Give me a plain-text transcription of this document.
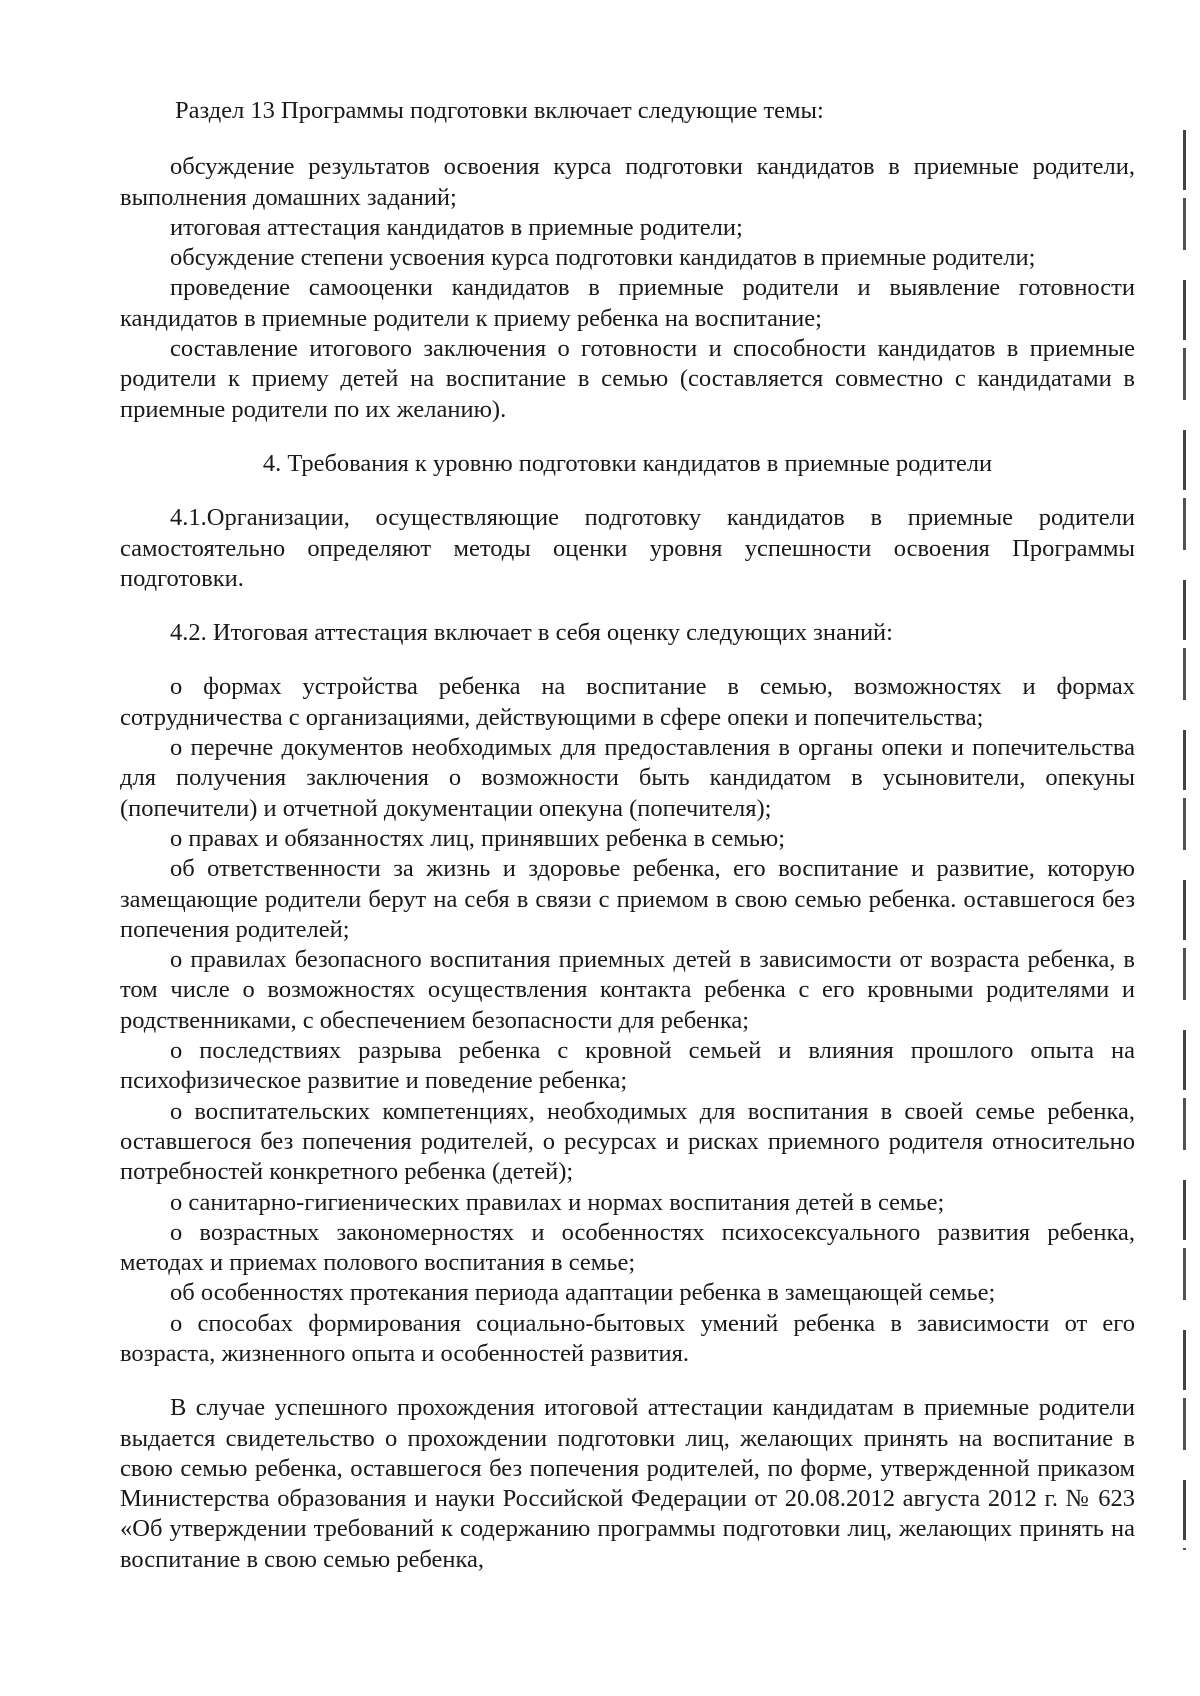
Раздел 13 Программы подготовки включает следующие темы:

обсуждение результатов освоения курса подготовки кандидатов в приемные родители, выполнения домашних заданий;

итоговая аттестация кандидатов в приемные родители;

обсуждение степени усвоения курса подготовки кандидатов в приемные родители;

проведение самооценки кандидатов в приемные родители и выявление готовности кандидатов в приемные родители к приему ребенка на воспитание;

составление итогового заключения о готовности и способности кандидатов в приемные родители к приему детей на воспитание в семью (составляется совместно с кандидатами в приемные родители по их желанию).

4. Требования к уровню подготовки кандидатов в приемные родители

4.1.Организации, осуществляющие подготовку кандидатов в приемные родители самостоятельно определяют методы оценки уровня успешности освоения Программы подготовки.

4.2. Итоговая аттестация включает в себя оценку следующих знаний:

о формах устройства ребенка на воспитание в семью, возможностях и формах сотрудничества с организациями, действующими в сфере опеки и попечительства;

о перечне документов необходимых для предоставления в органы опеки и попечительства для получения заключения о возможности быть кандидатом в усыновители, опекуны (попечители) и отчетной документации опекуна (попечителя);

о правах и обязанностях лиц, принявших ребенка в семью;

об ответственности за жизнь и здоровье ребенка, его воспитание и развитие, которую замещающие родители берут на себя в связи с приемом в свою семью ребенка. оставшегося без попечения родителей;

о правилах безопасного воспитания приемных детей в зависимости от возраста ребенка, в том числе о возможностях осуществления контакта ребенка с его кровными родителями и родственниками, с обеспечением безопасности для ребенка;

о последствиях разрыва ребенка с кровной семьей и влияния прошлого опыта на психофизическое развитие и поведение ребенка;

о воспитательских компетенциях, необходимых для воспитания в своей семье ребенка, оставшегося без попечения родителей, о ресурсах и рисках приемного родителя относительно потребностей конкретного ребенка (детей);

о санитарно-гигиенических правилах и нормах воспитания детей в семье;

о возрастных закономерностях и особенностях психосексуального развития ребенка, методах и приемах полового воспитания в семье;

об особенностях протекания периода адаптации ребенка в замещающей семье;

о способах формирования социально-бытовых умений ребенка в зависимости от его возраста, жизненного опыта и особенностей развития.

В случае успешного прохождения итоговой аттестации кандидатам в приемные родители выдается свидетельство о прохождении подготовки лиц, желающих принять на воспитание в свою семью ребенка, оставшегося без попечения родителей, по форме, утвержденной приказом Министерства образования и науки Российской Федерации от 20.08.2012 августа 2012 г. № 623 «Об утверждении требований к содержанию программы подготовки лиц, желающих принять на воспитание в свою семью ребенка,
